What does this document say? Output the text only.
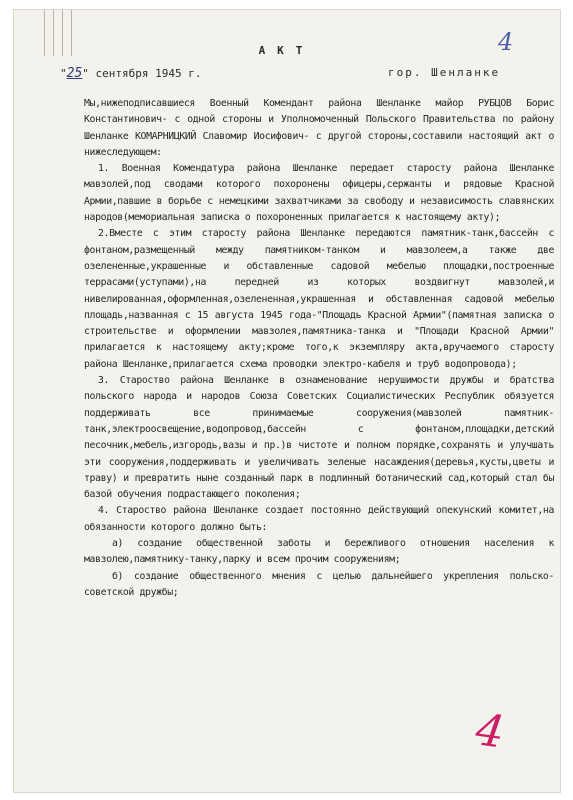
4
АКТ
"25" сентября 1945 г.	гор. Шенланке

Мы,нижеподписавшиеся Военный Комендант района Шенланке майор РУБЦОВ Борис Константинович- с одной стороны и Уполномоченный Польского Правительства по району Шенланке КОМАРНИЦКИЙ Славомир Иосифович- с другой стороны,составили настоящий акт о нижеследующем:

1. Военная Комендатура района Шенланке передает старосту района Шенланке мавзолей,под сводами которого похоронены офицеры,сержанты и рядовые Красной Армии,павшие в борьбе с немецкими захватчиками за свободу и независимость славянских народов(мемориальная записка о похороненных прилагается к настоящему акту);

2.Вместе с этим старосту района Шенланке передаются памятник-танк,бассейн с фонтаном,размещенный между памятником-танком и мавзолеем,а также две озелененные,украшенные и обставленные садовой мебелью площадки,построенные террасами(уступами),на передней из которых воздвигнут мавзолей,и нивелированная,оформленная,озелененная,украшенная и обставленная садовой мебелью площадь,названная с 15 августа 1945 года-"Площадь Красной Армии"(памятная записка о строительстве и оформлении мавзолея,памятника-танка и "Площади Красной Армии" прилагается к настоящему акту;кроме того,к экземпляру акта,вручаемого старосту района Шенланке,прилагается схема проводки электро-кабеля и труб водопровода);

3. Староство района Шенланке в ознаменование нерушимости дружбы и братства польского народа и народов Союза Советских Социалистических Республик обязуется поддерживать все принимаемые сооружения(мавзолей памятник-танк,электроосвещение,водопровод,бассейн с фонтаном,площадки,детский песочник,мебель,изгородь,вазы и пр.)в чистоте и полном порядке,сохранять и улучшать эти сооружения,поддерживать и увеличивать зеленые насаждения(деревья,кусты,цветы и траву) и превратить ныне созданный парк в подлинный ботанический сад,который стал бы базой обучения подрастающего поколения;

4. Староство района Шенланке создает постоянно действующий опекунский комитет,на обязанности которого должно быть:

а) создание общественной заботы и бережливого отношения населения к мавзолею,памятнику-танку,парку и всем прочим сооружениям;

б) создание общественного мнения с целью дальнейшего укрепления польско-советской дружбы;

4
